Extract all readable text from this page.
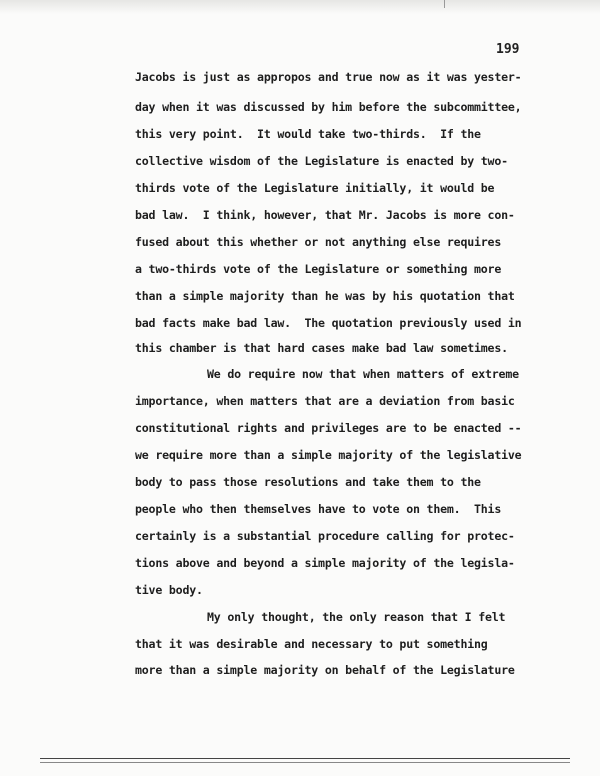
199
Jacobs is just as appropos and true now as it was yester-
day when it was discussed by him before the subcommittee,
this very point.  It would take two-thirds.  If the
collective wisdom of the Legislature is enacted by two-
thirds vote of the Legislature initially, it would be
bad law.  I think, however, that Mr. Jacobs is more con-
fused about this whether or not anything else requires
a two-thirds vote of the Legislature or something more
than a simple majority than he was by his quotation that
bad facts make bad law.  The quotation previously used in
this chamber is that hard cases make bad law sometimes.
We do require now that when matters of extreme
importance, when matters that are a deviation from basic
constitutional rights and privileges are to be enacted --
we require more than a simple majority of the legislative
body to pass those resolutions and take them to the
people who then themselves have to vote on them.  This
certainly is a substantial procedure calling for protec-
tions above and beyond a simple majority of the legisla-
tive body.
My only thought, the only reason that I felt
that it was desirable and necessary to put something
more than a simple majority on behalf of the Legislature
